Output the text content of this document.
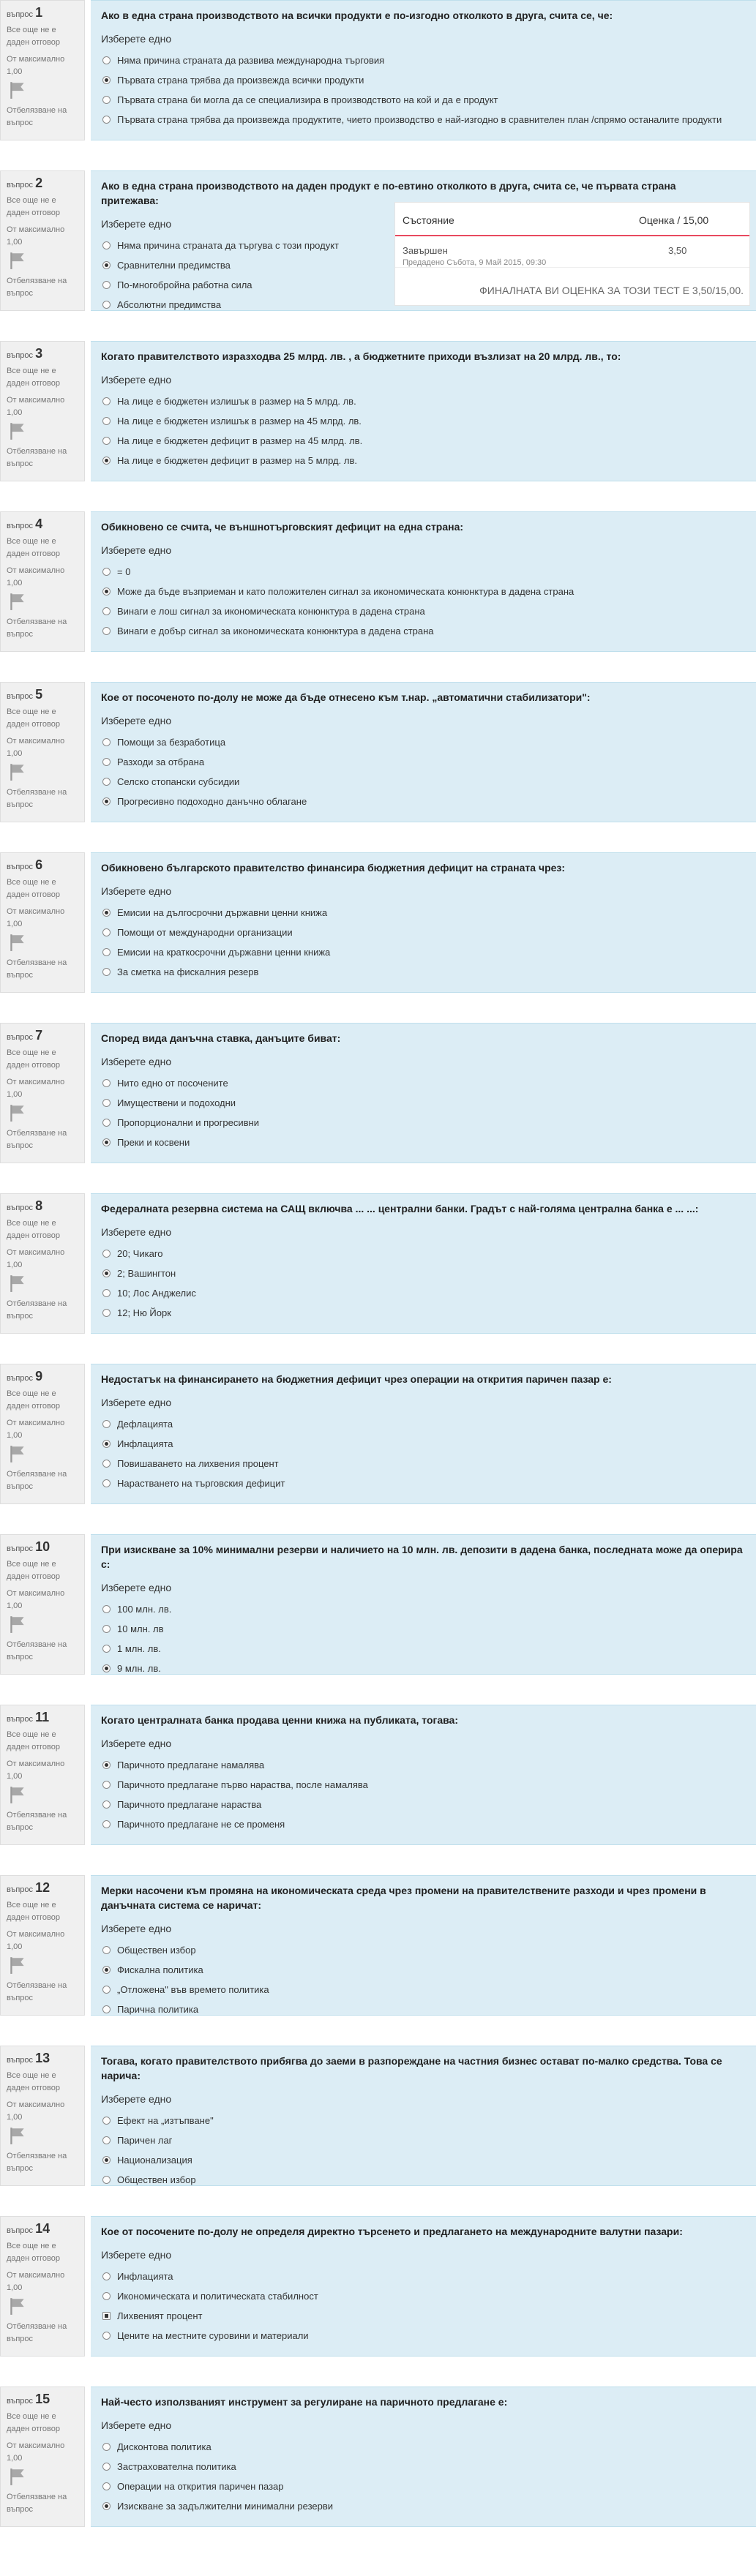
въпрос 1
Все още не е даден отговор
От максимално 1,00
Отбелязване на въпрос
Ако в една страна производството на всички продукти е по-изгодно отколкото в друга, счита се, че:
Изберете едно
Няма причина страната да развива международна търговия
Първата страна трябва да произвежда всички продукти
Първата страна би могла да се специализира в производството на кой и да е продукт
Първата страна трябва да произвежда продуктите, чието производство е най-изгодно в сравнителен план /спрямо останалите продукти
въпрос 2
Все още не е даден отговор
От максимално 1,00
Отбелязване на въпрос
Ако в една страна производството на даден продукт е по-евтино отколкото в друга, счита се, че първата страна притежава:
Изберете едно
Няма причина страната да търгува с този продукт
Сравнителни предимства
По-многобройна работна сила
Абсолютни предимства
Състояние	Оценка / 15,00
Завършен
Предадено Събота, 9 Май 2015, 09:30
3,50
ФИНАЛНАТА ВИ ОЦЕНКА ЗА ТОЗИ ТЕСТ Е 3,50/15,00.
въпрос 3
Все още не е даден отговор
От максимално 1,00
Отбелязване на въпрос
Когато правителството изразходва 25 млрд. лв. , а бюджетните приходи възлизат на 20 млрд. лв., то:
Изберете едно
На лице е бюджетен излишък в размер на 5 млрд. лв.
На лице е бюджетен излишък в размер на 45 млрд. лв.
На лице е бюджетен дефицит в размер на 45 млрд. лв.
На лице е бюджетен дефицит в размер на 5 млрд. лв.
въпрос 4
Все още не е даден отговор
От максимално 1,00
Отбелязване на въпрос
Обикновено се счита, че външнотърговският дефицит на една страна:
Изберете едно
= 0
Може да бъде възприеман и като положителен сигнал за икономическата конюнктура в дадена страна
Винаги е лош сигнал за икономическата конюнктура в дадена страна
Винаги е добър сигнал за икономическата конюнктура в дадена страна
въпрос 5
Все още не е даден отговор
От максимално 1,00
Отбелязване на въпрос
Кое от посоченото по-долу не може да бъде отнесено към т.нар. „автоматични стабилизатори":
Изберете едно
Помощи за безработица
Разходи за отбрана
Селско стопански субсидии
Прогресивно подоходно данъчно облагане
въпрос 6
Все още не е даден отговор
От максимално 1,00
Отбелязване на въпрос
Обикновено българското правителство финансира бюджетния дефицит на страната чрез:
Изберете едно
Емисии на дългосрочни държавни ценни книжа
Помощи от международни организации
Емисии на краткосрочни държавни ценни книжа
За сметка на фискалния резерв
въпрос 7
Все още не е даден отговор
От максимално 1,00
Отбелязване на въпрос
Според вида данъчна ставка, данъците биват:
Изберете едно
Нито едно от посочените
Имуществени и подоходни
Пропорционални и прогресивни
Преки и косвени
въпрос 8
Все още не е даден отговор
От максимално 1,00
Отбелязване на въпрос
Федералната резервна система на САЩ включва ... ... централни банки. Градът с най-голяма централна банка е ... ...:
Изберете едно
20; Чикаго
2; Вашингтон
10; Лос Анджелис
12; Ню Йорк
въпрос 9
Все още не е даден отговор
От максимално 1,00
Отбелязване на въпрос
Недостатък на финансирането на бюджетния дефицит чрез операции на открития паричен пазар е:
Изберете едно
Дефлацията
Инфлацията
Повишаването на лихвения процент
Нарастването на търговския дефицит
въпрос 10
Все още не е даден отговор
От максимално 1,00
Отбелязване на въпрос
При изискване за 10% минимални резерви и наличието на 10 млн. лв. депозити в дадена банка, последната може да оперира с:
Изберете едно
100 млн. лв.
10 млн. лв
1 млн. лв.
9 млн. лв.
въпрос 11
Все още не е даден отговор
От максимално 1,00
Отбелязване на въпрос
Когато централната банка продава ценни книжа на публиката, тогава:
Изберете едно
Паричното предлагане намалява
Паричното предлагане първо нараства, после намалява
Паричното предлагане нараства
Паричното предлагане не се променя
въпрос 12
Все още не е даден отговор
От максимално 1,00
Отбелязване на въпрос
Мерки насочени към промяна на икономическата среда чрез промени на правителствените разходи и чрез промени в данъчната система се наричат:
Изберете едно
Обществен избор
Фискална политика
„Отложена" във времето политика
Парична политика
въпрос 13
Все още не е даден отговор
От максимално 1,00
Отбелязване на въпрос
Тогава, когато правителството прибягва до заеми в разпореждане на частния бизнес остават по-малко средства. Това се нарича:
Изберете едно
Ефект на „изтъпване"
Паричен лаг
Национализация
Обществен избор
въпрос 14
Все още не е даден отговор
От максимално 1,00
Отбелязване на въпрос
Кое от посочените по-долу не определя директно търсенето и предлагането на международните валутни пазари:
Изберете едно
Инфлацията
Икономическата и политическата стабилност
Лихвеният процент
Цените на местните суровини и материали
въпрос 15
Все още не е даден отговор
От максимално 1,00
Отбелязване на въпрос
Най-често използваният инструмент за регулиране на паричното предлагане е:
Изберете едно
Дисконтова политика
Застрахователна политика
Операции на открития паричен пазар
Изискване за задължителни минимални резерви
